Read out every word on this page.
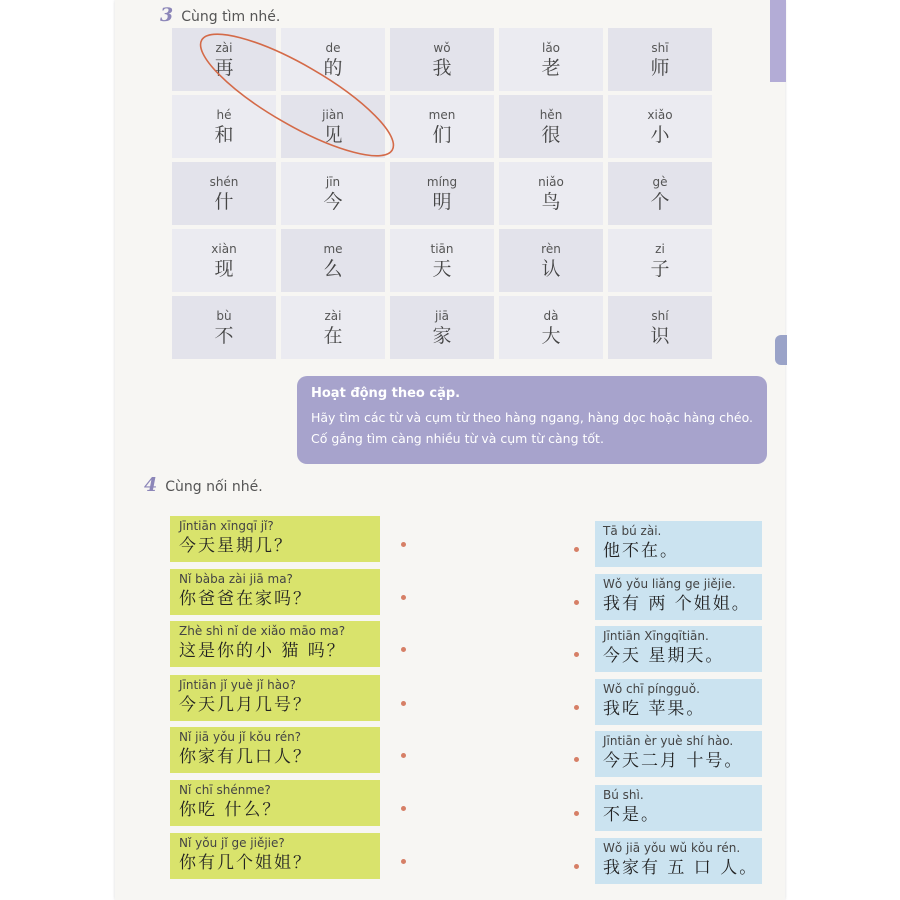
3 Cùng tìm nhé.
zài
再
de
的
wǒ
我
lǎo
老
shī
师
hé
和
jiàn
见
men
们
hěn
很
xiǎo
小
shén
什
jīn
今
míng
明
niǎo
鸟
gè
个
xiàn
现
me
么
tiān
天
rèn
认
zi
子
bù
不
zài
在
jiā
家
dà
大
shí
识
Hoạt động theo cặp.
Hãy tìm các từ và cụm từ theo hàng ngang, hàng dọc hoặc hàng chéo. Cố gắng tìm càng nhiều từ và cụm từ càng tốt.
4 Cùng nối nhé.
Jīntiān xīngqī jǐ?
今天星期几？
Nǐ bàba zài jiā ma?
你爸爸在家吗？
Zhè shì nǐ de xiǎo māo ma?
这是你的小 猫 吗？
Jīntiān jǐ yuè jǐ hào?
今天几月几号？
Nǐ jiā yǒu jǐ kǒu rén?
你家有几口人？
Nǐ chī shénme?
你吃 什么？
Nǐ yǒu jǐ ge jiějie?
你有几个姐姐？
Tā bú zài.
他不在。
Wǒ yǒu liǎng ge jiějie.
我有 两 个姐姐。
Jīntiān Xīngqītiān.
今天 星期天。
Wǒ chī píngguǒ.
我吃 苹果。
Jīntiān èr yuè shí hào.
今天二月 十号。
Bú shì.
不是。
Wǒ jiā yǒu wǔ kǒu rén.
我家有 五 口 人。
